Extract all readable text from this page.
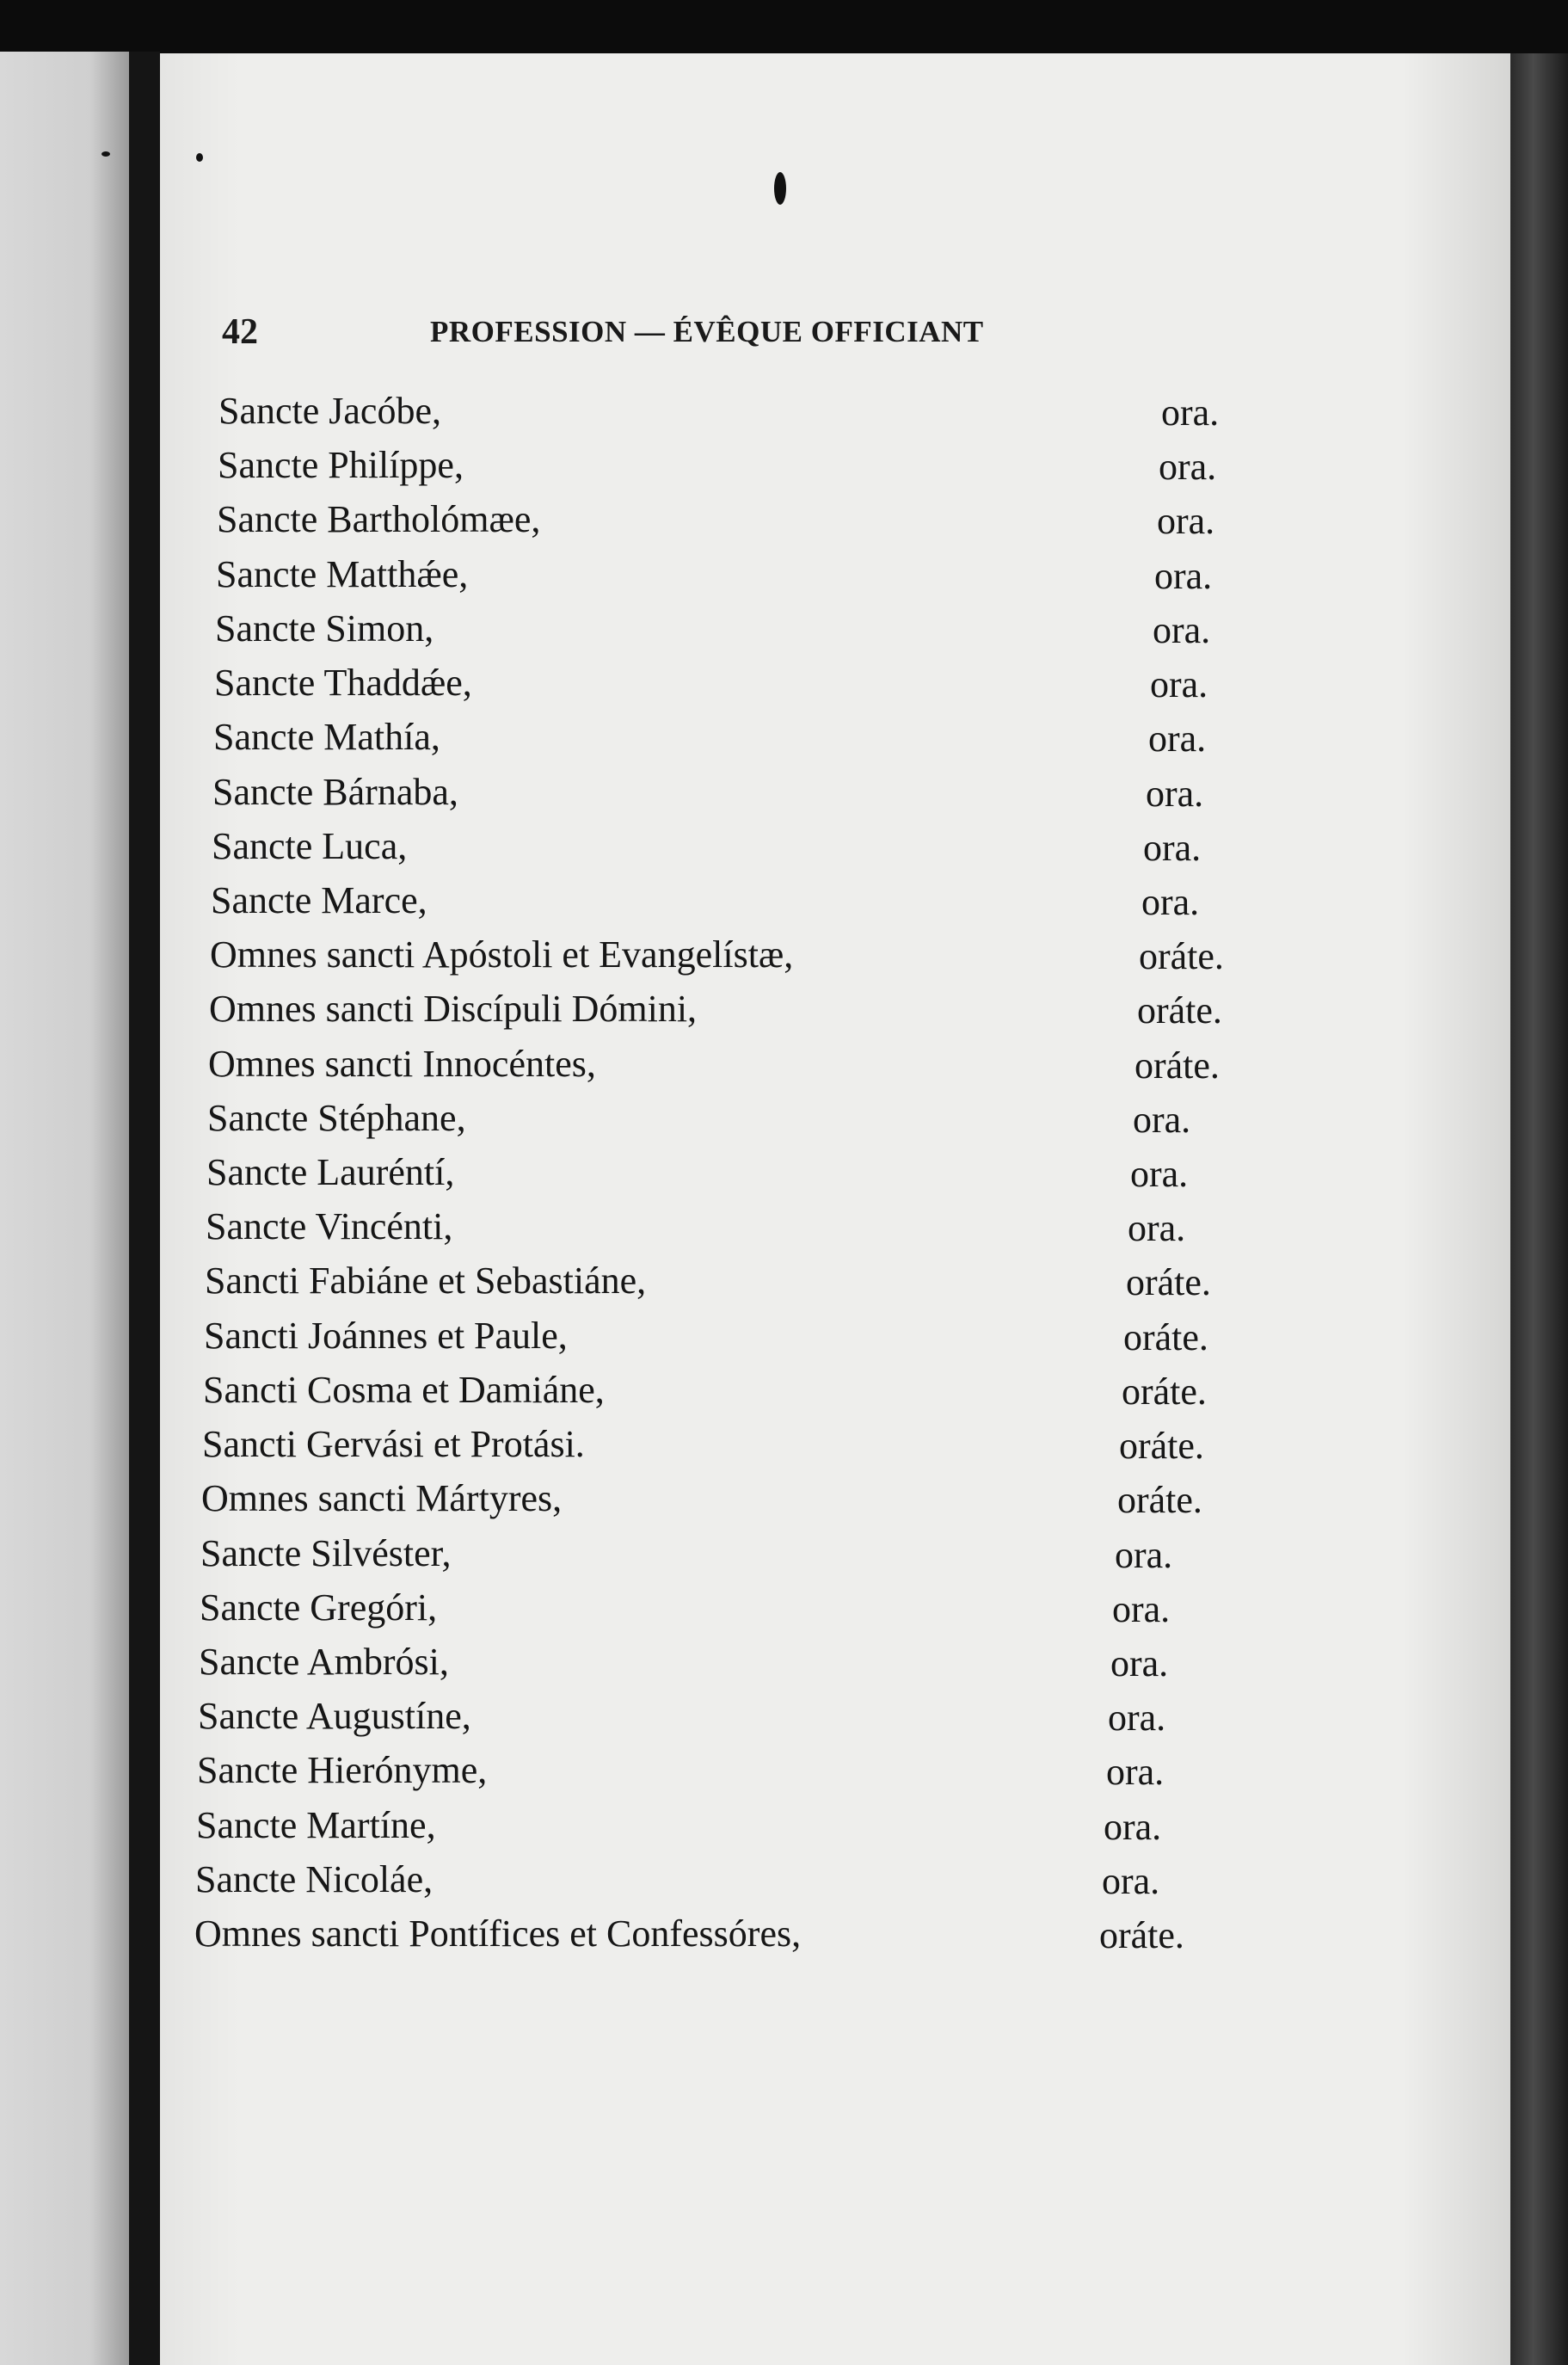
42	PROFESSION — ÉVÊQUE OFFICIANT
Sancte Jacóbe,	ora.
Sancte Philíppe,	ora.
Sancte Bartholómæe,	ora.
Sancte Matthǽe,	ora.
Sancte Simon,	ora.
Sancte Thaddǽe,	ora.
Sancte Mathía,	ora.
Sancte Bárnaba,	ora.
Sancte Luca,	ora.
Sancte Marce,	ora.
Omnes sancti Apóstoli et Evangelístæ,	oráte.
Omnes sancti Discípuli Dómini,	oráte.
Omnes sancti Innocéntes,	oráte.
Sancte Stéphane,	ora.
Sancte Lauréntí,	ora.
Sancte Vincénti,	ora.
Sancti Fabiáne et Sebastiáne,	oráte.
Sancti Joánnes et Paule,	oráte.
Sancti Cosma et Damiáne,	oráte.
Sancti Gervási et Protási.	oráte.
Omnes sancti Mártyres,	oráte.
Sancte Silvéster,	ora.
Sancte Gregóri,	ora.
Sancte Ambrósi,	ora.
Sancte Augustíne,	ora.
Sancte Hierónyme,	ora.
Sancte Martíne,	ora.
Sancte Nicoláe,	ora.
Omnes sancti Pontífices et Confessóres,	oráte.
